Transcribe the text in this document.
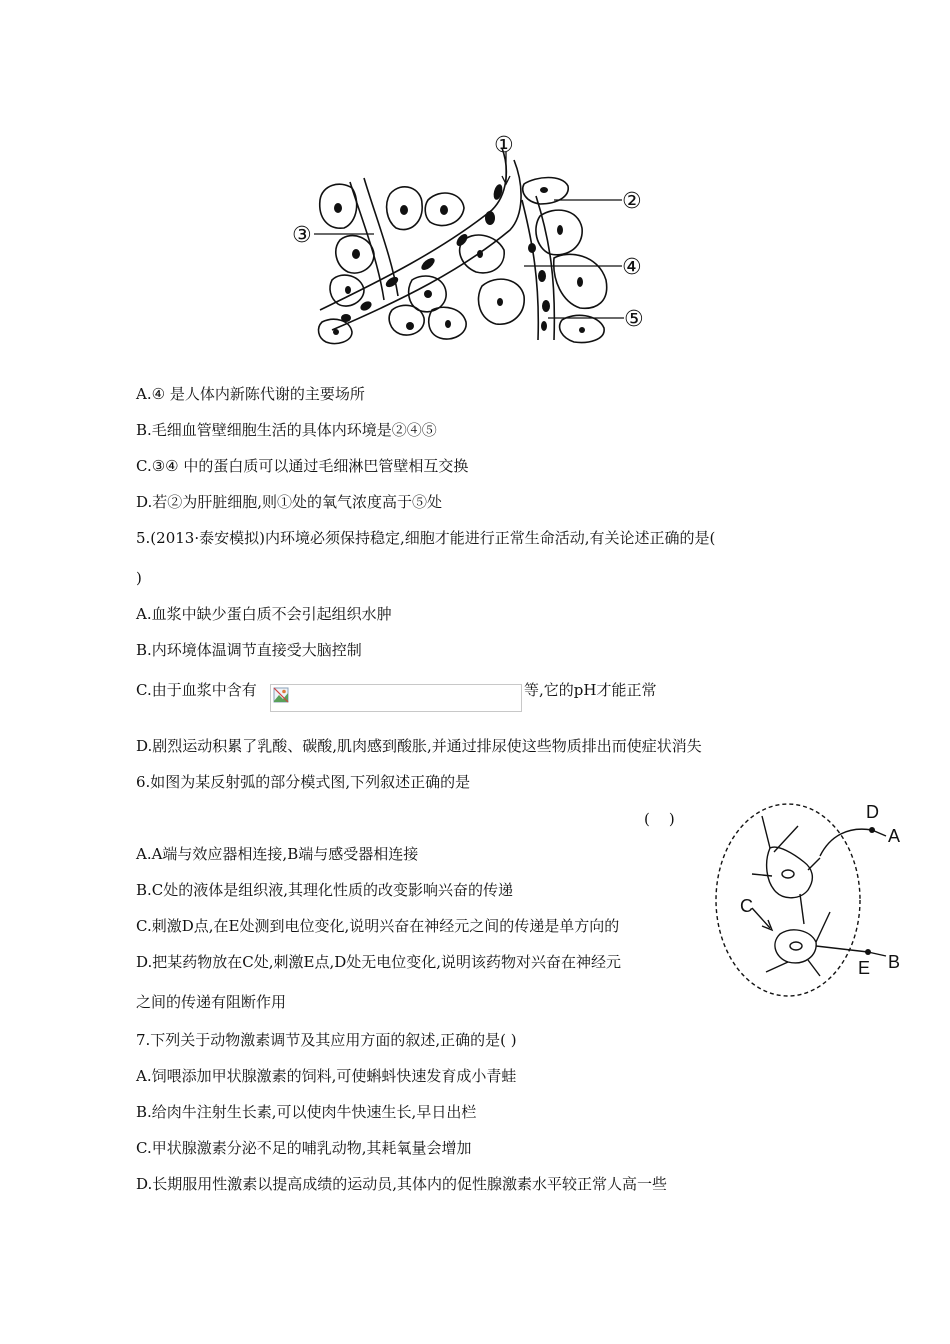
①
②
③
④
⑤
A.④ 是人体内新陈代谢的主要场所
B.毛细血管壁细胞生活的具体内环境是②④⑤
C.③④ 中的蛋白质可以通过毛细淋巴管壁相互交换
D.若②为肝脏细胞,则①处的氧气浓度高于⑤处
5.(2013·泰安模拟)内环境必须保持稳定,细胞才能进行正常生命活动,有关论述正确的是(
)
A.血浆中缺少蛋白质不会引起组织水肿
B.内环境体温调节直接受大脑控制
C.由于血浆中含有	等,它的pH才能正常
D.剧烈运动积累了乳酸、碳酸,肌肉感到酸胀,并通过排尿使这些物质排出而使症状消失
6.如图为某反射弧的部分模式图,下列叙述正确的是
(    )
A.A端与效应器相连接,B端与感受器相连接
B.C处的液体是组织液,其理化性质的改变影响兴奋的传递
C.刺激D点,在E处测到电位变化,说明兴奋在神经元之间的传递是单方向的
D.把某药物放在C处,刺激E点,D处无电位变化,说明该药物对兴奋在神经元
之间的传递有阻断作用
D
A
C
E B
7.下列关于动物激素调节及其应用方面的叙述,正确的是( )
A.饲喂添加甲状腺激素的饲料,可使蝌蚪快速发育成小青蛙
B.给肉牛注射生长素,可以使肉牛快速生长,早日出栏
C.甲状腺激素分泌不足的哺乳动物,其耗氧量会增加
D.长期服用性激素以提高成绩的运动员,其体内的促性腺激素水平较正常人高一些
